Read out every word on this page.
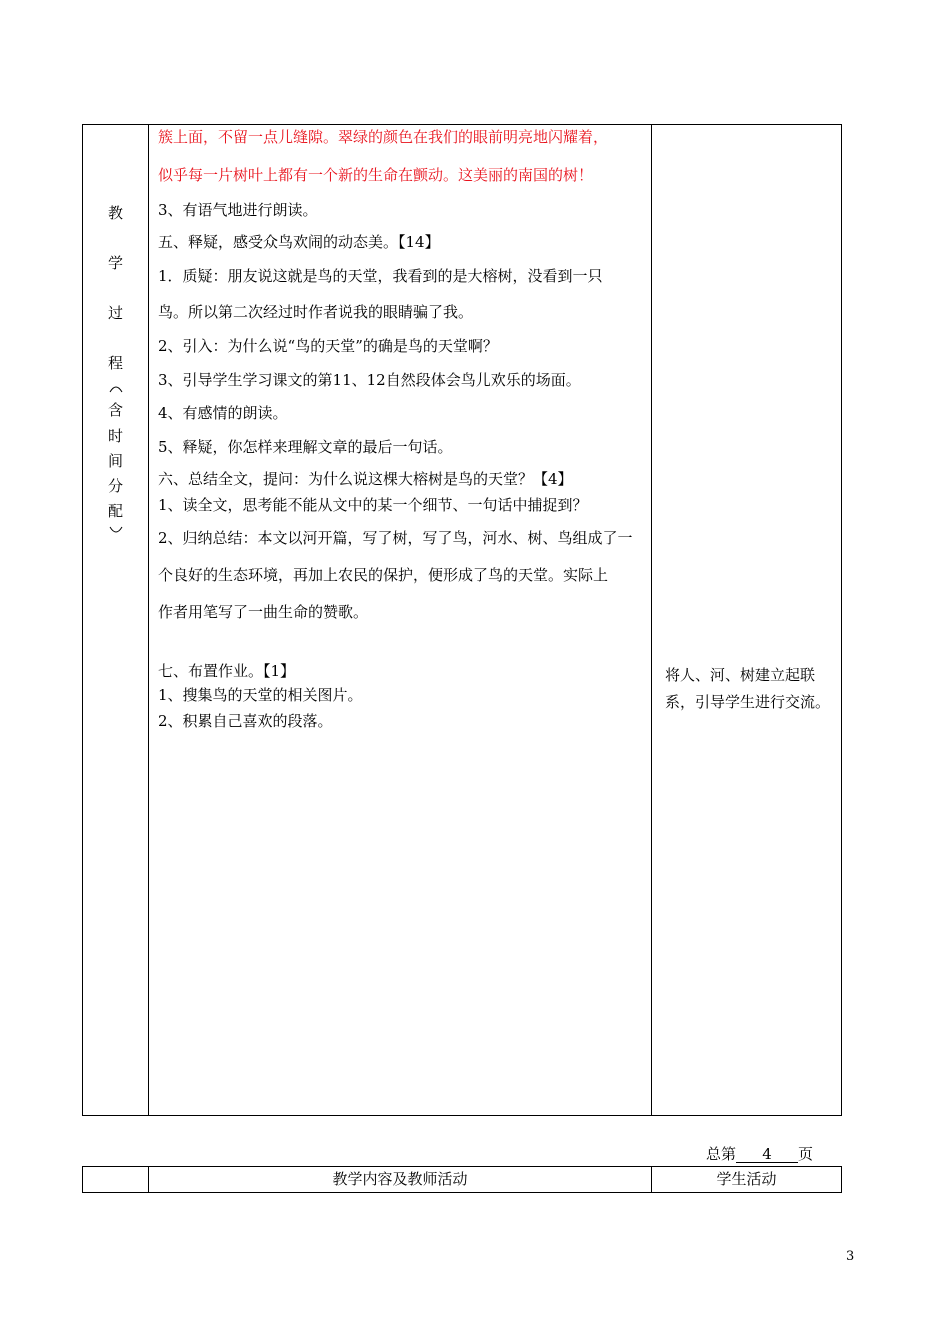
教
学
过
程
含
时
间
分
配
簇上面，不留一点儿缝隙。翠绿的颜色在我们的眼前明亮地闪耀着，
似乎每一片树叶上都有一个新的生命在颤动。这美丽的南国的树！
3、有语气地进行朗读。
五、释疑，感受众鸟欢闹的动态美。【14】
1．质疑：朋友说这就是鸟的天堂，我看到的是大榕树，没看到一只
鸟。所以第二次经过时作者说我的眼睛骗了我。
2、引入：为什么说“鸟的天堂”的确是鸟的天堂啊？
3、引导学生学习课文的第11、12自然段体会鸟儿欢乐的场面。
4、有感情的朗读。
5、释疑，你怎样来理解文章的最后一句话。
六、总结全文，提问：为什么说这棵大榕树是鸟的天堂？【4】
1、读全文，思考能不能从文中的某一个细节、一句话中捕捉到？
2、归纳总结：本文以河开篇，写了树，写了鸟，河水、树、鸟组成了一
个良好的生态环境，再加上农民的保护，便形成了鸟的天堂。实际上
作者用笔写了一曲生命的赞歌。
七、布置作业。【1】
1、搜集鸟的天堂的相关图片。
2、积累自己喜欢的段落。
将人、河、树建立起联
系，引导学生进行交流。
总第 4 页
教学内容及教师活动	学生活动
3
